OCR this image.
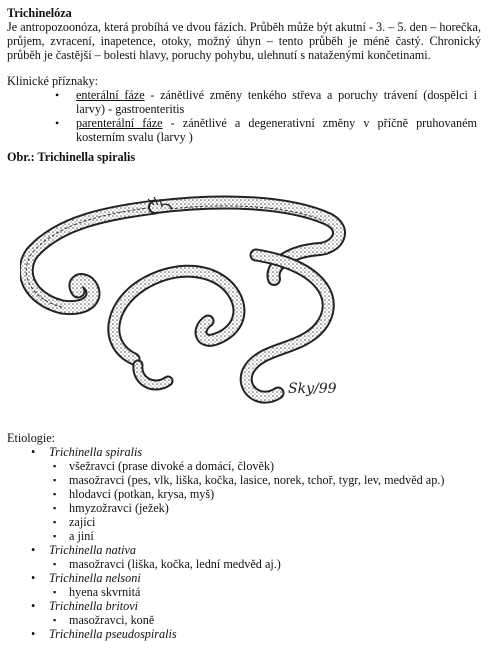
Trichinelóza

Je antropozoonóza, která probíhá ve dvou fázích. Průběh může být akutní - 3. – 5. den – horečka, průjem, zvracení, inapetence, otoky, možný úhyn – tento průběh je méně častý. Chronický průběh je častější – bolesti hlavy, poruchy pohybu, ulehnutí s nataženými končetinami.

Klinické příznaky:

• enterální fáze - zánětlivé změny tenkého střeva a poruchy trávení (dospělci i larvy) - gastroenteritis
• parenterální fáze - zánětlivé a degenerativní změny v příčně pruhovaném kosterním svalu (larvy )

Obr.: Trichinella spiralis

Sky/99

Etiologie:

• Trichinella spiralis
▪ všežravci (prase divoké a domácí, člověk)
▪ masožravci (pes, vlk, liška, kočka, lasice, norek, tchoř, tygr, lev, medvěd ap.)
▪ hlodavci (potkan, krysa, myš)
▪ hmyzožravci (ježek)
▪ zajíci
▪ a jiní
• Trichinella nativa
▪ masožravci (liška, kočka, lední medvěd aj.)
• Trichinella nelsoni
▪ hyena skvrnitá
• Trichinella britovi
▪ masožravci, koně
• Trichinella pseudospiralis
